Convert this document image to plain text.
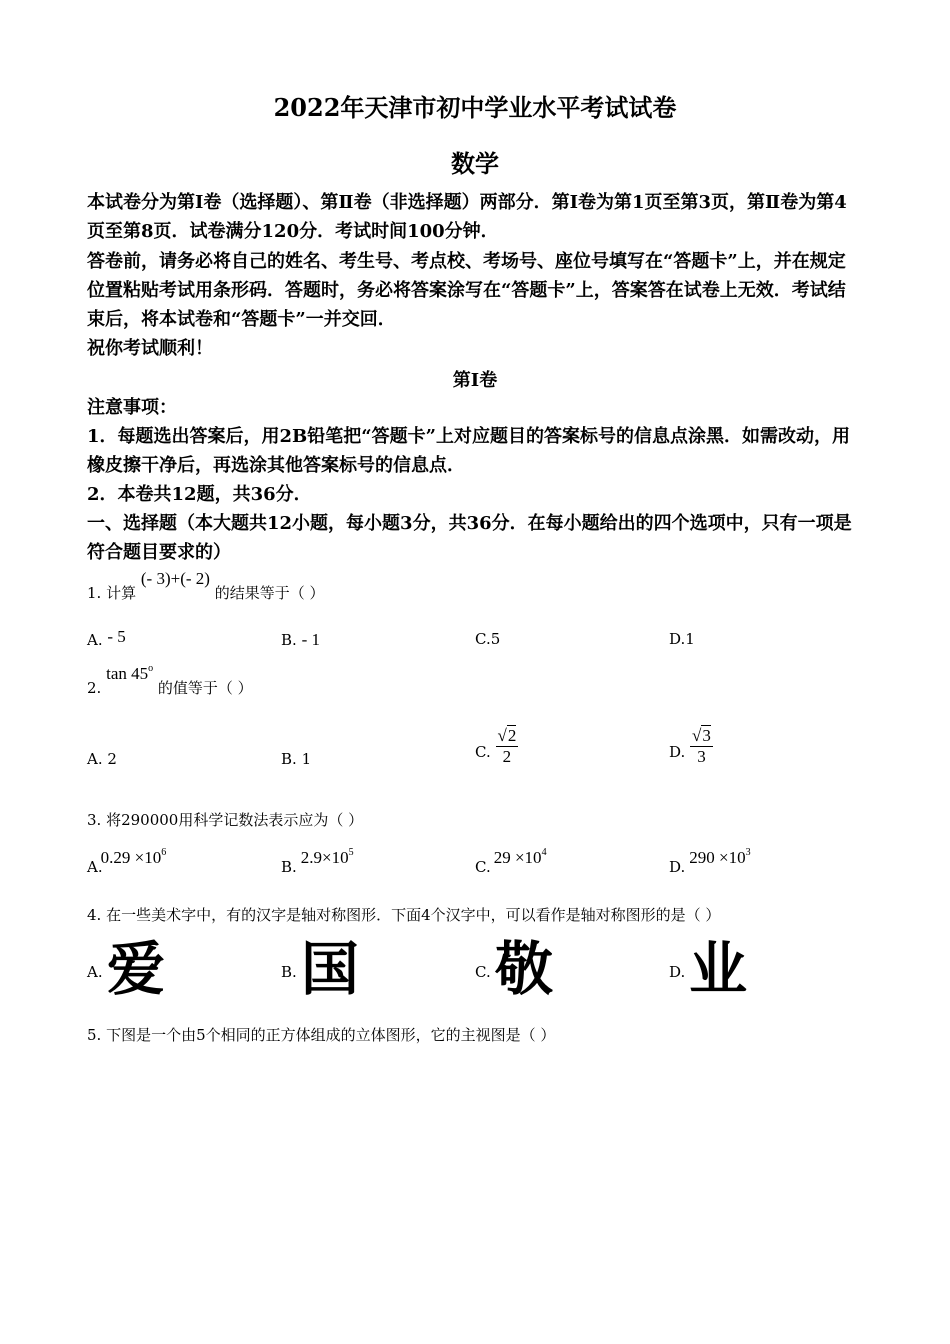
2022年天津市初中学业水平考试试卷
数学
本试卷分为第Ⅰ卷（选择题）、第Ⅱ卷（非选择题）两部分．第Ⅰ卷为第1页至第3页，第Ⅱ卷为第4页至第8页．试卷满分120分．考试时间100分钟．
答卷前，请务必将自己的姓名、考生号、考点校、考场号、座位号填写在“答题卡”上，并在规定位置粘贴考试用条形码．答题时，务必将答案涂写在“答题卡”上，答案答在试卷上无效．考试结束后，将本试卷和“答题卡”一并交回．
祝你考试顺利！
第Ⅰ卷
注意事项：
1．每题选出答案后，用2B铅笔把“答题卡”上对应题目的答案标号的信息点涂黑．如需改动，用橡皮擦干净后，再选涂其他答案标号的信息点．
2．本卷共12题，共36分．
一、选择题（本大题共12小题，每小题3分，共36分．在每小题给出的四个选项中，只有一项是符合题目要求的）
1. 计算 (- 3)+(- 2) 的结果等于（ ）
A. - 5	B. - 1	C.5	D.1
2. tan 45$^o$ 的值等于（ ）
A. 2	B. 1	C. $\frac{√2}{2}$	D. $\frac{√3}{3}$
3. 将290000用科学记数法表示应为（ ）
$A.0.29 \times 10^6$
B. $2.9\times 10^5$
C. $29 \times 10^4$
D. $290 \times 10^3$
4. 在一些美术字中，有的汉字是轴对称图形．下面4个汉字中，可以看作是轴对称图形的是（ ）
A. 爱	B. 国	C. 敬	D. 业
5. 下图是一个由5个相同的正方体组成的立体图形，它的主视图是（ ）
